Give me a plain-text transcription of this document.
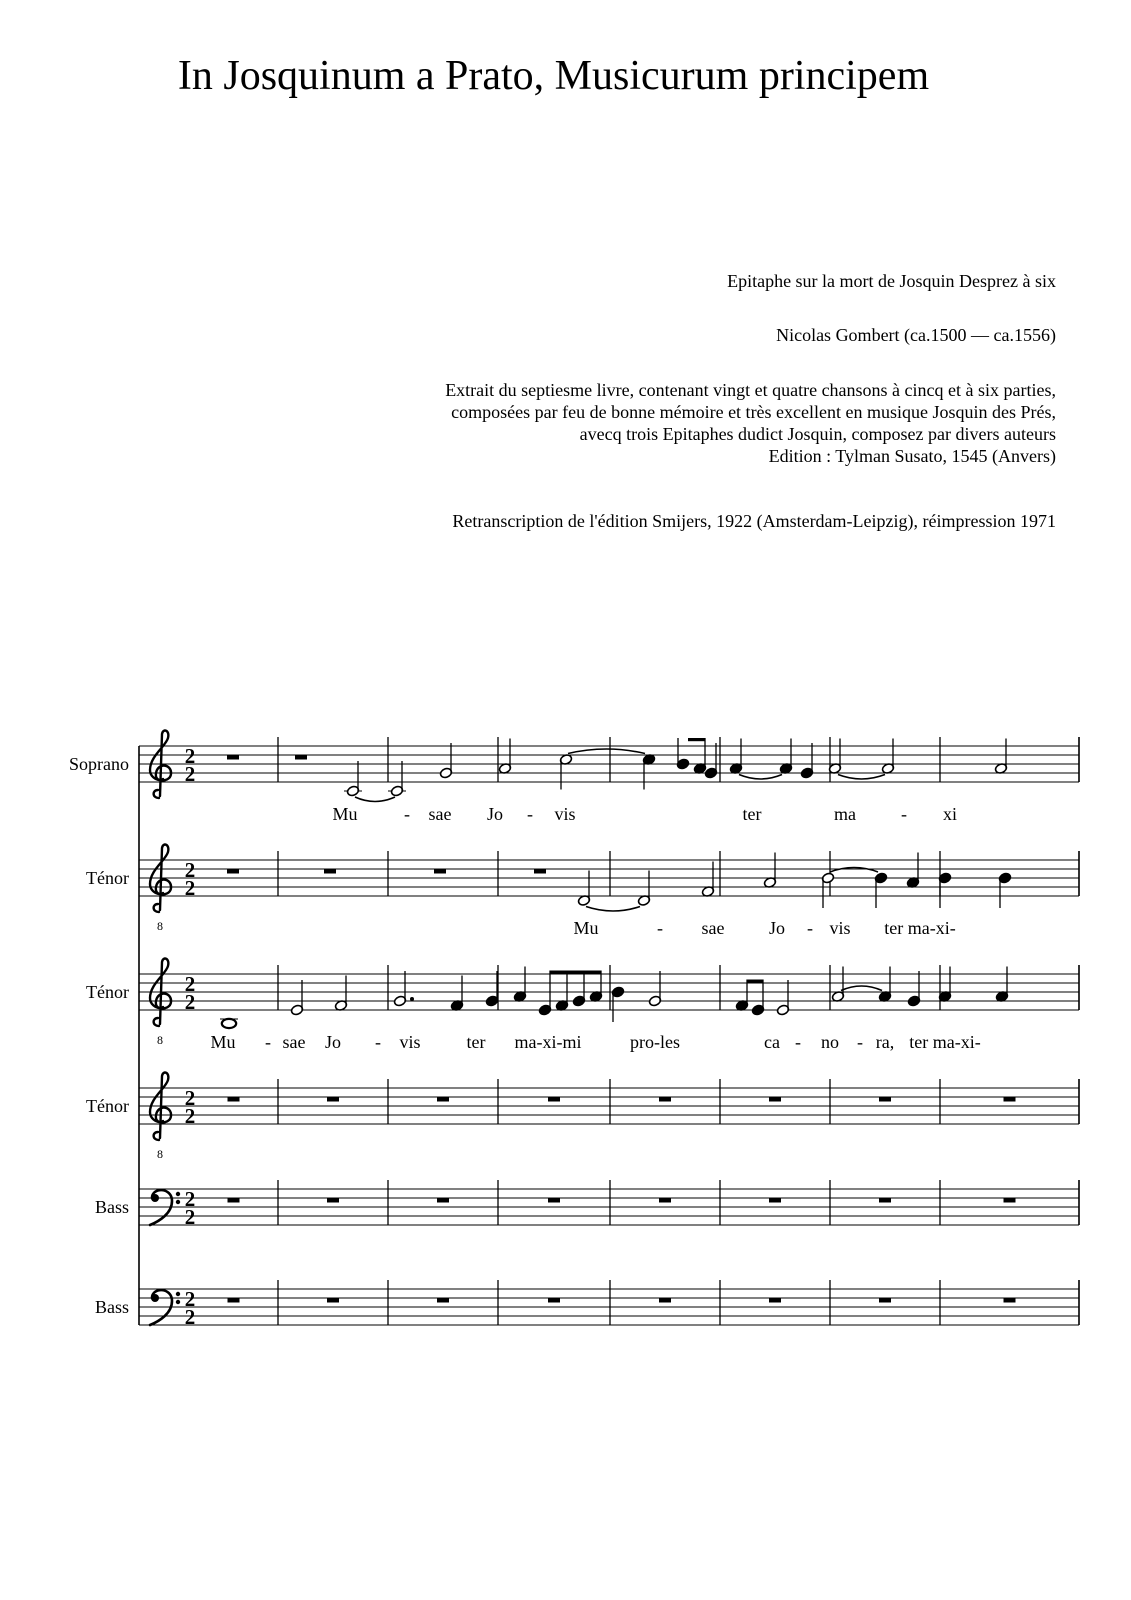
In Josquinum a Prato, Musicurum principem
Epitaphe sur la mort de Josquin Desprez à six
Nicolas Gombert (ca.1500 — ca.1556)
Extrait du septiesme livre, contenant vingt et quatre chansons à cincq et à six parties,
composées par feu de bonne mémoire et très excellent en musique Josquin des Prés,
avecq trois Epitaphes dudict Josquin, composez par divers auteurs
Edition : Tylman Susato, 1545 (Anvers)
Retranscription de l'édition Smijers, 1922 (Amsterdam-Leipzig), réimpression 1971
2
2
8
2
2
8
2
2
8
2
2
2
2
2
2
Soprano
Ténor
Ténor
Ténor
Bass
Bass
Mu	- sae Jo - vis	ter	ma	- xi
Mu	- sae Jo - vis ter ma-xi-
Mu - sae Jo - vis	ter ma-xi-mi	pro-les	ca - no - ra, ter ma-xi-
